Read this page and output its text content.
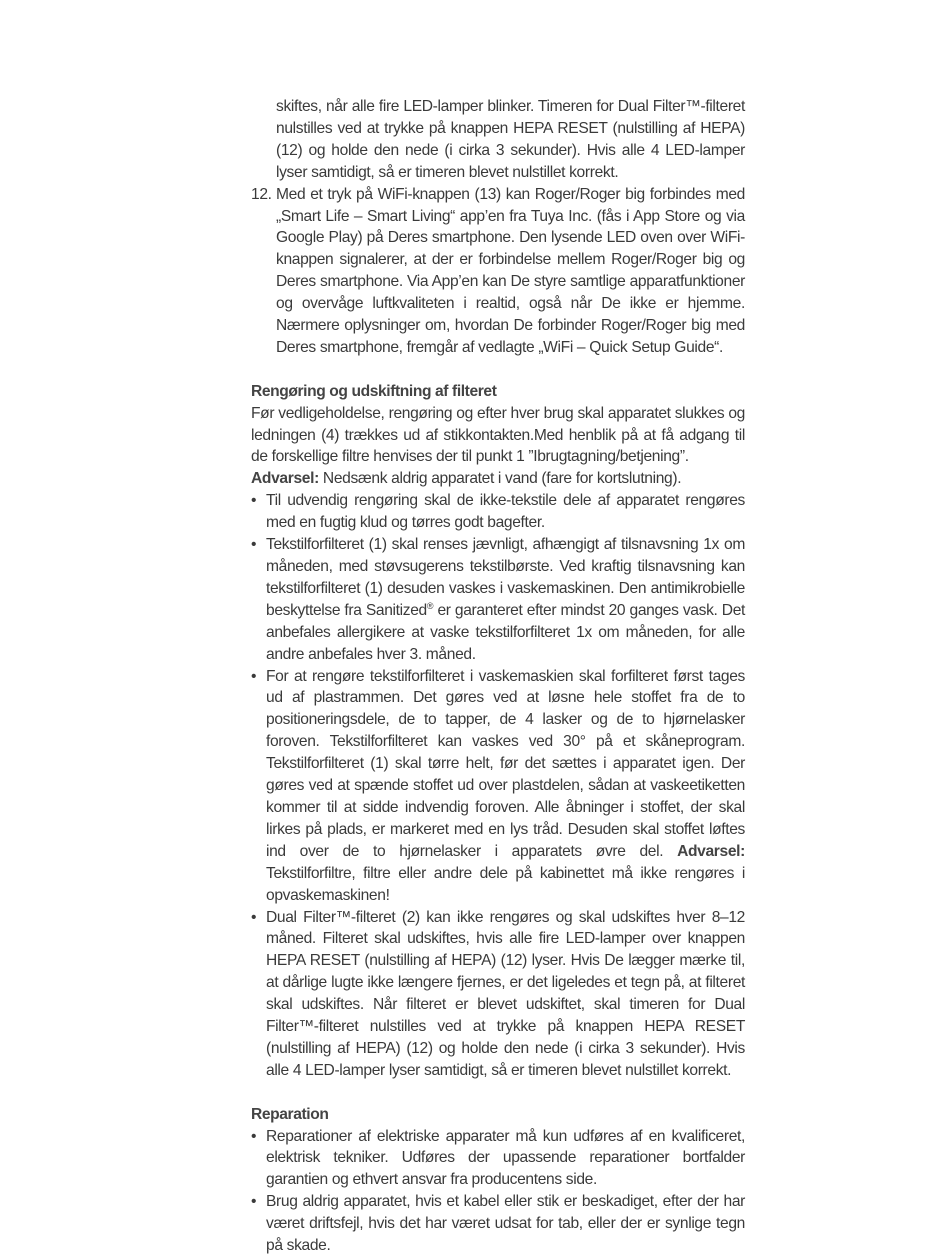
skiftes, når alle fire LED-lamper blinker. Timeren for Dual Filter™-filteret nulstilles ved at trykke på knappen HEPA RESET (nulstilling af HEPA) (12) og holde den nede (i cirka 3 sekunder). Hvis alle 4 LED-lamper lyser samtidigt, så er timeren blevet nulstillet korrekt.

12. Med et tryk på WiFi-knappen (13) kan Roger/Roger big forbindes med „Smart Life – Smart Living“ app’en fra Tuya Inc. (fås i App Store og via Google Play) på Deres smartphone. Den lysende LED oven over WiFi-knappen signalerer, at der er forbindelse mellem Roger/Roger big og Deres smartphone. Via App’en kan De styre samtlige apparatfunktioner og overvåge luftkvaliteten i realtid, også når De ikke er hjemme. Nærmere oplysninger om, hvordan De forbinder Roger/Roger big med Deres smartphone, fremgår af vedlagte „WiFi – Quick Setup Guide“.

Rengøring og udskiftning af filteret

Før vedligeholdelse, rengøring og efter hver brug skal apparatet slukkes og ledningen (4) trækkes ud af stikkontakten.Med henblik på at få adgang til de forskellige filtre henvises der til punkt 1 ”Ibrugtagning/betjening”.

Advarsel: Nedsænk aldrig apparatet i vand (fare for kortslutning).

• Til udvendig rengøring skal de ikke-tekstile dele af apparatet rengøres med en fugtig klud og tørres godt bagefter.
• Tekstilforfilteret (1) skal renses jævnligt, afhængigt af tilsnavsning 1x om måneden, med støvsugerens tekstilbørste. Ved kraftig tilsnavsning kan tekstilforfilteret (1) desuden vaskes i vaskemaskinen. Den antimikrobielle beskyttelse fra Sanitized® er garanteret efter mindst 20 ganges vask. Det anbefales allergikere at vaske tekstilforfilteret 1x om måneden, for alle andre anbefales hver 3. måned.
• For at rengøre tekstilforfilteret i vaskemaskien skal forfilteret først tages ud af plastrammen. Det gøres ved at løsne hele stoffet fra de to positioneringsdele, de to tapper, de 4 lasker og de to hjørnelasker foroven. Tekstilforfilteret kan vaskes ved 30° på et skåneprogram. Tekstilforfilteret (1) skal tørre helt, før det sættes i apparatet igen. Der gøres ved at spænde stoffet ud over plastdelen, sådan at vaskeetiketten kommer til at sidde indvendig foroven. Alle åbninger i stoffet, der skal lirkes på plads, er markeret med en lys tråd. Desuden skal stoffet løftes ind over de to hjørnelasker i apparatets øvre del. Advarsel: Tekstilforfiltre, filtre eller andre dele på kabinettet må ikke rengøres i opvaskemaskinen!
• Dual Filter™-filteret (2) kan ikke rengøres og skal udskiftes hver 8–12 måned. Filteret skal udskiftes, hvis alle fire LED-lamper over knappen HEPA RESET (nulstilling af HEPA) (12) lyser. Hvis De lægger mærke til, at dårlige lugte ikke længere fjernes, er det ligeledes et tegn på, at filteret skal udskiftes. Når filteret er blevet udskiftet, skal timeren for Dual Filter™-filteret nulstilles ved at trykke på knappen HEPA RESET (nulstilling af HEPA) (12) og holde den nede (i cirka 3 sekunder). Hvis alle 4 LED-lamper lyser samtidigt, så er timeren blevet nulstillet korrekt.

Reparation

• Reparationer af elektriske apparater må kun udføres af en kvalificeret, elektrisk tekniker. Udføres der upassende reparationer bortfalder garantien og ethvert ansvar fra producentens side.
• Brug aldrig apparatet, hvis et kabel eller stik er beskadiget, efter der har været driftsfejl, hvis det har været udsat for tab, eller der er synlige tegn på skade.
